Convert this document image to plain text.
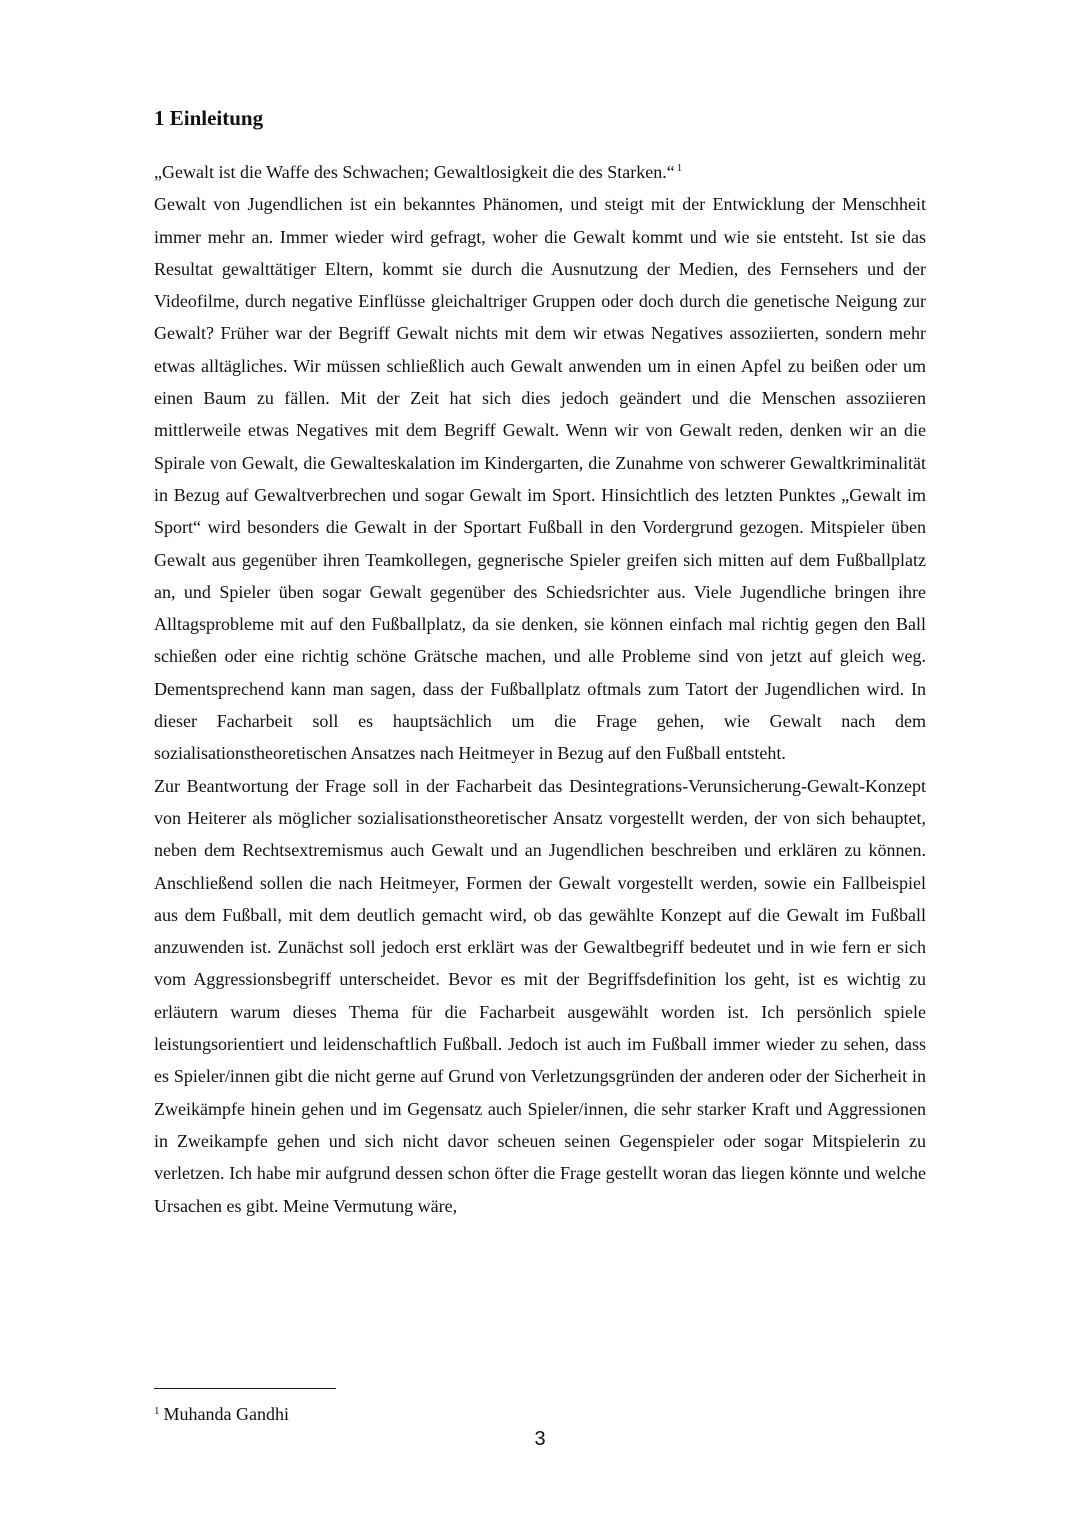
1 Einleitung

„Gewalt ist die Waffe des Schwachen; Gewaltlosigkeit die des Starken.“ $^1$

Gewalt von Jugendlichen ist ein bekanntes Phänomen, und steigt mit der Entwicklung der Menschheit immer mehr an. Immer wieder wird gefragt, woher die Gewalt kommt und wie sie entsteht. Ist sie das Resultat gewalttätiger Eltern, kommt sie durch die Ausnutzung der Medien, des Fernsehers und der Videofilme, durch negative Einflüsse gleichaltriger Gruppen oder doch durch die genetische Neigung zur Gewalt? Früher war der Begriff Gewalt nichts mit dem wir etwas Negatives assoziierten, sondern mehr etwas alltägliches. Wir müssen schließlich auch Gewalt anwenden um in einen Apfel zu beißen oder um einen Baum zu fällen. Mit der Zeit hat sich dies jedoch geändert und die Menschen assoziieren mittlerweile etwas Negatives mit dem Begriff Gewalt. Wenn wir von Gewalt reden, denken wir an die Spirale von Gewalt, die Gewalteskalation im Kindergarten, die Zunahme von schwerer Gewaltkriminalität in Bezug auf Gewaltverbrechen und sogar Gewalt im Sport. Hinsichtlich des letzten Punktes „Gewalt im Sport“ wird besonders die Gewalt in der Sportart Fußball in den Vordergrund gezogen. Mitspieler üben Gewalt aus gegenüber ihren Teamkollegen, gegnerische Spieler greifen sich mitten auf dem Fußballplatz an, und Spieler üben sogar Gewalt gegenüber des Schiedsrichter aus. Viele Jugendliche bringen ihre Alltagsprobleme mit auf den Fußballplatz, da sie denken, sie können einfach mal richtig gegen den Ball schießen oder eine richtig schöne Grätsche machen, und alle Probleme sind von jetzt auf gleich weg. Dementsprechend kann man sagen, dass der Fußballplatz oftmals zum Tatort der Jugendlichen wird. In dieser Facharbeit soll es hauptsächlich um die Frage gehen, wie Gewalt nach dem sozialisationstheoretischen Ansatzes nach Heitmeyer in Bezug auf den Fußball entsteht.

Zur Beantwortung der Frage soll in der Facharbeit das Desintegrations-Verunsicherung-Gewalt-Konzept von Heiterer als möglicher sozialisationstheoretischer Ansatz vorgestellt werden, der von sich behauptet, neben dem Rechtsextremismus auch Gewalt und an Jugendlichen beschreiben und erklären zu können. Anschließend sollen die nach Heitmeyer, Formen der Gewalt vorgestellt werden, sowie ein Fallbeispiel aus dem Fußball, mit dem deutlich gemacht wird, ob das gewählte Konzept auf die Gewalt im Fußball anzuwenden ist. Zunächst soll jedoch erst erklärt was der Gewaltbegriff bedeutet und in wie fern er sich vom Aggressionsbegriff unterscheidet. Bevor es mit der Begriffsdefinition los geht, ist es wichtig zu erläutern warum dieses Thema für die Facharbeit ausgewählt worden ist. Ich persönlich spiele leistungsorientiert und leidenschaftlich Fußball. Jedoch ist auch im Fußball immer wieder zu sehen, dass es Spieler/innen gibt die nicht gerne auf Grund von Verletzungsgründen der anderen oder der Sicherheit in Zweikämpfe hinein gehen und im Gegensatz auch Spieler/innen, die sehr starker Kraft und Aggressionen in Zweikampfe gehen und sich nicht davor scheuen seinen Gegenspieler oder sogar Mitspielerin zu verletzen. Ich habe mir aufgrund dessen schon öfter die Frage gestellt woran das liegen könnte und welche Ursachen es gibt. Meine Vermutung wäre,

$^1$ Muhanda Gandhi

3
